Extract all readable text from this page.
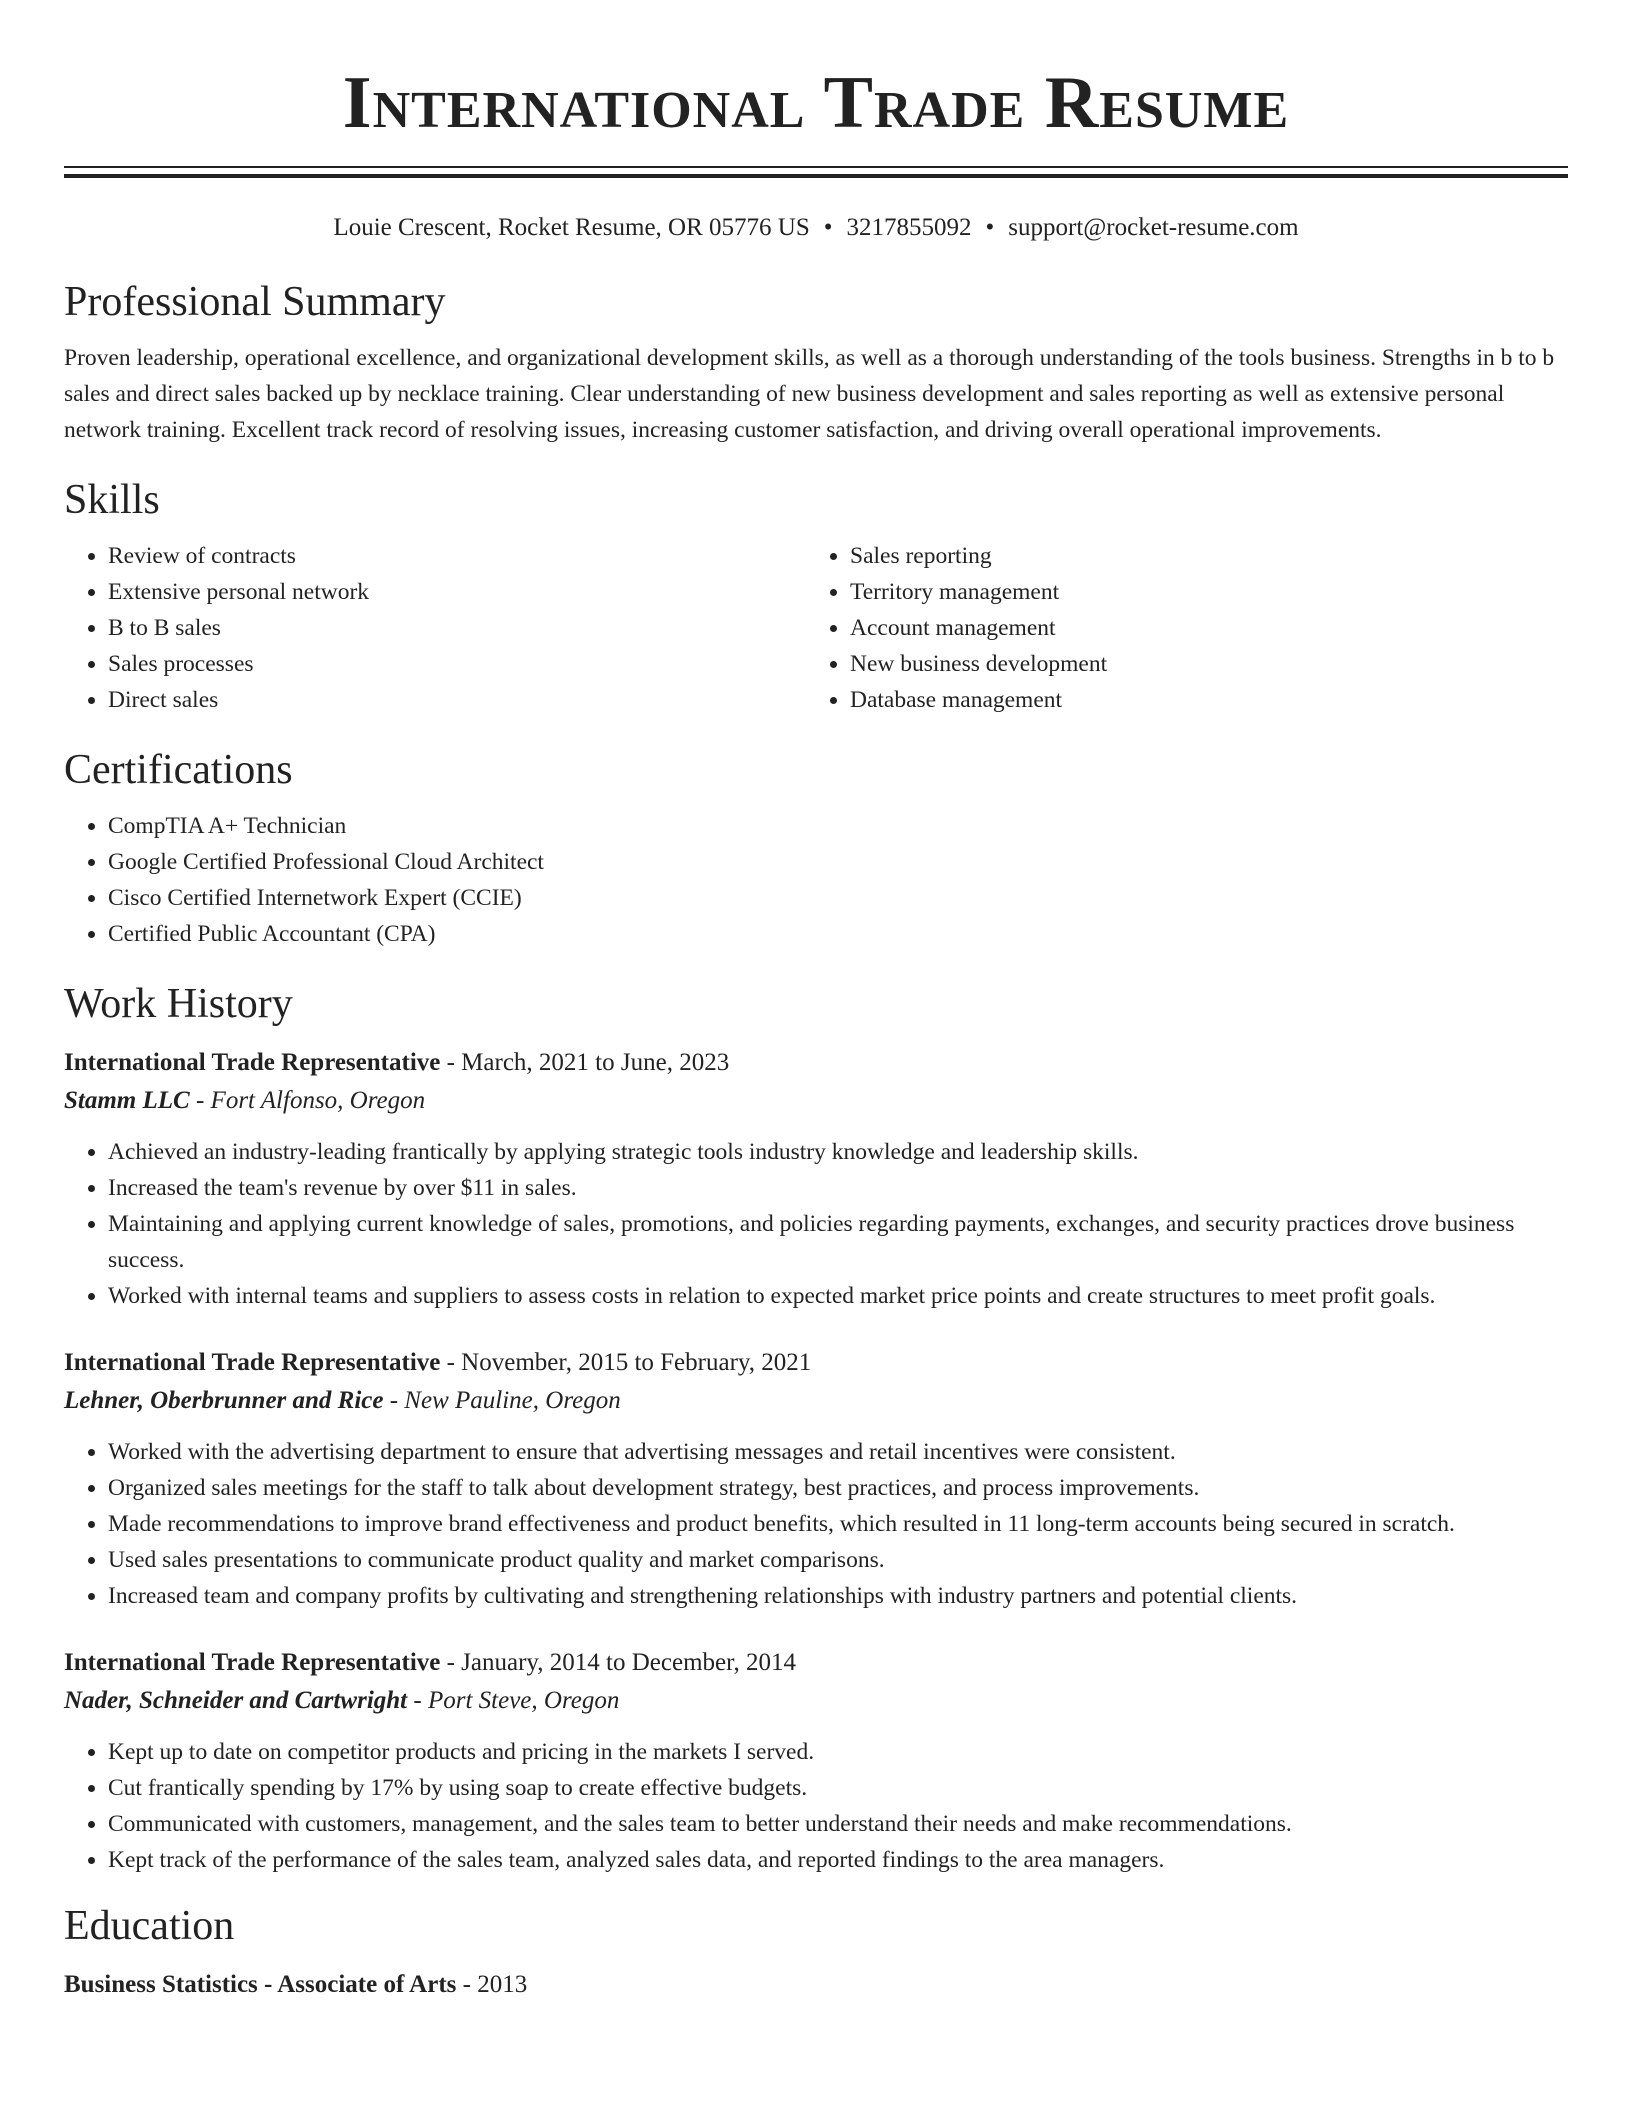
International Trade Resume
Louie Crescent, Rocket Resume, OR 05776 US • 3217855092 • support@rocket-resume.com
Professional Summary
Proven leadership, operational excellence, and organizational development skills, as well as a thorough understanding of the tools business. Strengths in b to b sales and direct sales backed up by necklace training. Clear understanding of new business development and sales reporting as well as extensive personal network training. Excellent track record of resolving issues, increasing customer satisfaction, and driving overall operational improvements.
Skills
• Review of contracts
• Extensive personal network
• B to B sales
• Sales processes
• Direct sales
• Sales reporting
• Territory management
• Account management
• New business development
• Database management
Certifications
• CompTIA A+ Technician
• Google Certified Professional Cloud Architect
• Cisco Certified Internetwork Expert (CCIE)
• Certified Public Accountant (CPA)
Work History
International Trade Representative - March, 2021 to June, 2023
Stamm LLC - Fort Alfonso, Oregon
• Achieved an industry-leading frantically by applying strategic tools industry knowledge and leadership skills.
• Increased the team's revenue by over $11 in sales.
• Maintaining and applying current knowledge of sales, promotions, and policies regarding payments, exchanges, and security practices drove business success.
• Worked with internal teams and suppliers to assess costs in relation to expected market price points and create structures to meet profit goals.
International Trade Representative - November, 2015 to February, 2021
Lehner, Oberbrunner and Rice - New Pauline, Oregon
• Worked with the advertising department to ensure that advertising messages and retail incentives were consistent.
• Organized sales meetings for the staff to talk about development strategy, best practices, and process improvements.
• Made recommendations to improve brand effectiveness and product benefits, which resulted in 11 long-term accounts being secured in scratch.
• Used sales presentations to communicate product quality and market comparisons.
• Increased team and company profits by cultivating and strengthening relationships with industry partners and potential clients.
International Trade Representative - January, 2014 to December, 2014
Nader, Schneider and Cartwright - Port Steve, Oregon
• Kept up to date on competitor products and pricing in the markets I served.
• Cut frantically spending by 17% by using soap to create effective budgets.
• Communicated with customers, management, and the sales team to better understand their needs and make recommendations.
• Kept track of the performance of the sales team, analyzed sales data, and reported findings to the area managers.
Education
Business Statistics - Associate of Arts - 2013
